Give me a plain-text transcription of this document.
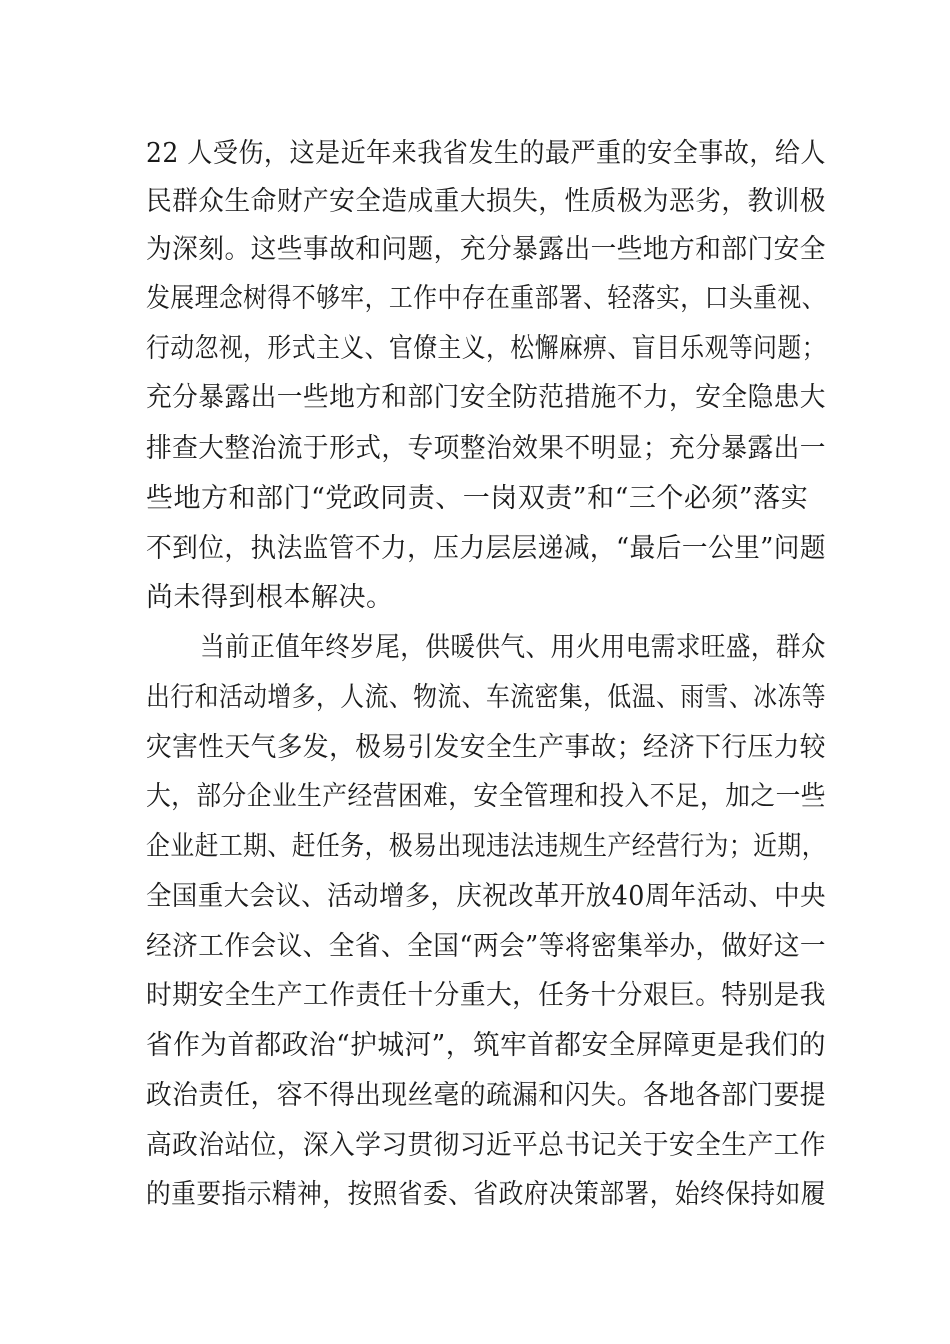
22 人受伤，这是近年来我省发生的最严重的安全事故，给人
民群众生命财产安全造成重大损失，性质极为恶劣，教训极
为深刻。这些事故和问题，充分暴露出一些地方和部门安全
发展理念树得不够牢，工作中存在重部署、轻落实，口头重视、
行动忽视，形式主义、官僚主义，松懈麻痹、盲目乐观等问题；
充分暴露出一些地方和部门安全防范措施不力，安全隐患大
排查大整治流于形式，专项整治效果不明显；充分暴露出一
些地方和部门“党政同责、一岗双责”和“三个必须”落实
不到位，执法监管不力，压力层层递减，“最后一公里”问题
尚未得到根本解决。
当前正值年终岁尾，供暖供气、用火用电需求旺盛，群众
出行和活动增多，人流、物流、车流密集，低温、雨雪、冰冻等
灾害性天气多发，极易引发安全生产事故；经济下行压力较
大，部分企业生产经营困难，安全管理和投入不足，加之一些
企业赶工期、赶任务，极易出现违法违规生产经营行为；近期，
全国重大会议、活动增多，庆祝改革开放40周年活动、中央
经济工作会议、全省、全国“两会”等将密集举办，做好这一
时期安全生产工作责任十分重大，任务十分艰巨。特别是我
省作为首都政治“护城河”，筑牢首都安全屏障更是我们的
政治责任，容不得出现丝毫的疏漏和闪失。各地各部门要提
高政治站位，深入学习贯彻习近平总书记关于安全生产工作
的重要指示精神，按照省委、省政府决策部署，始终保持如履
